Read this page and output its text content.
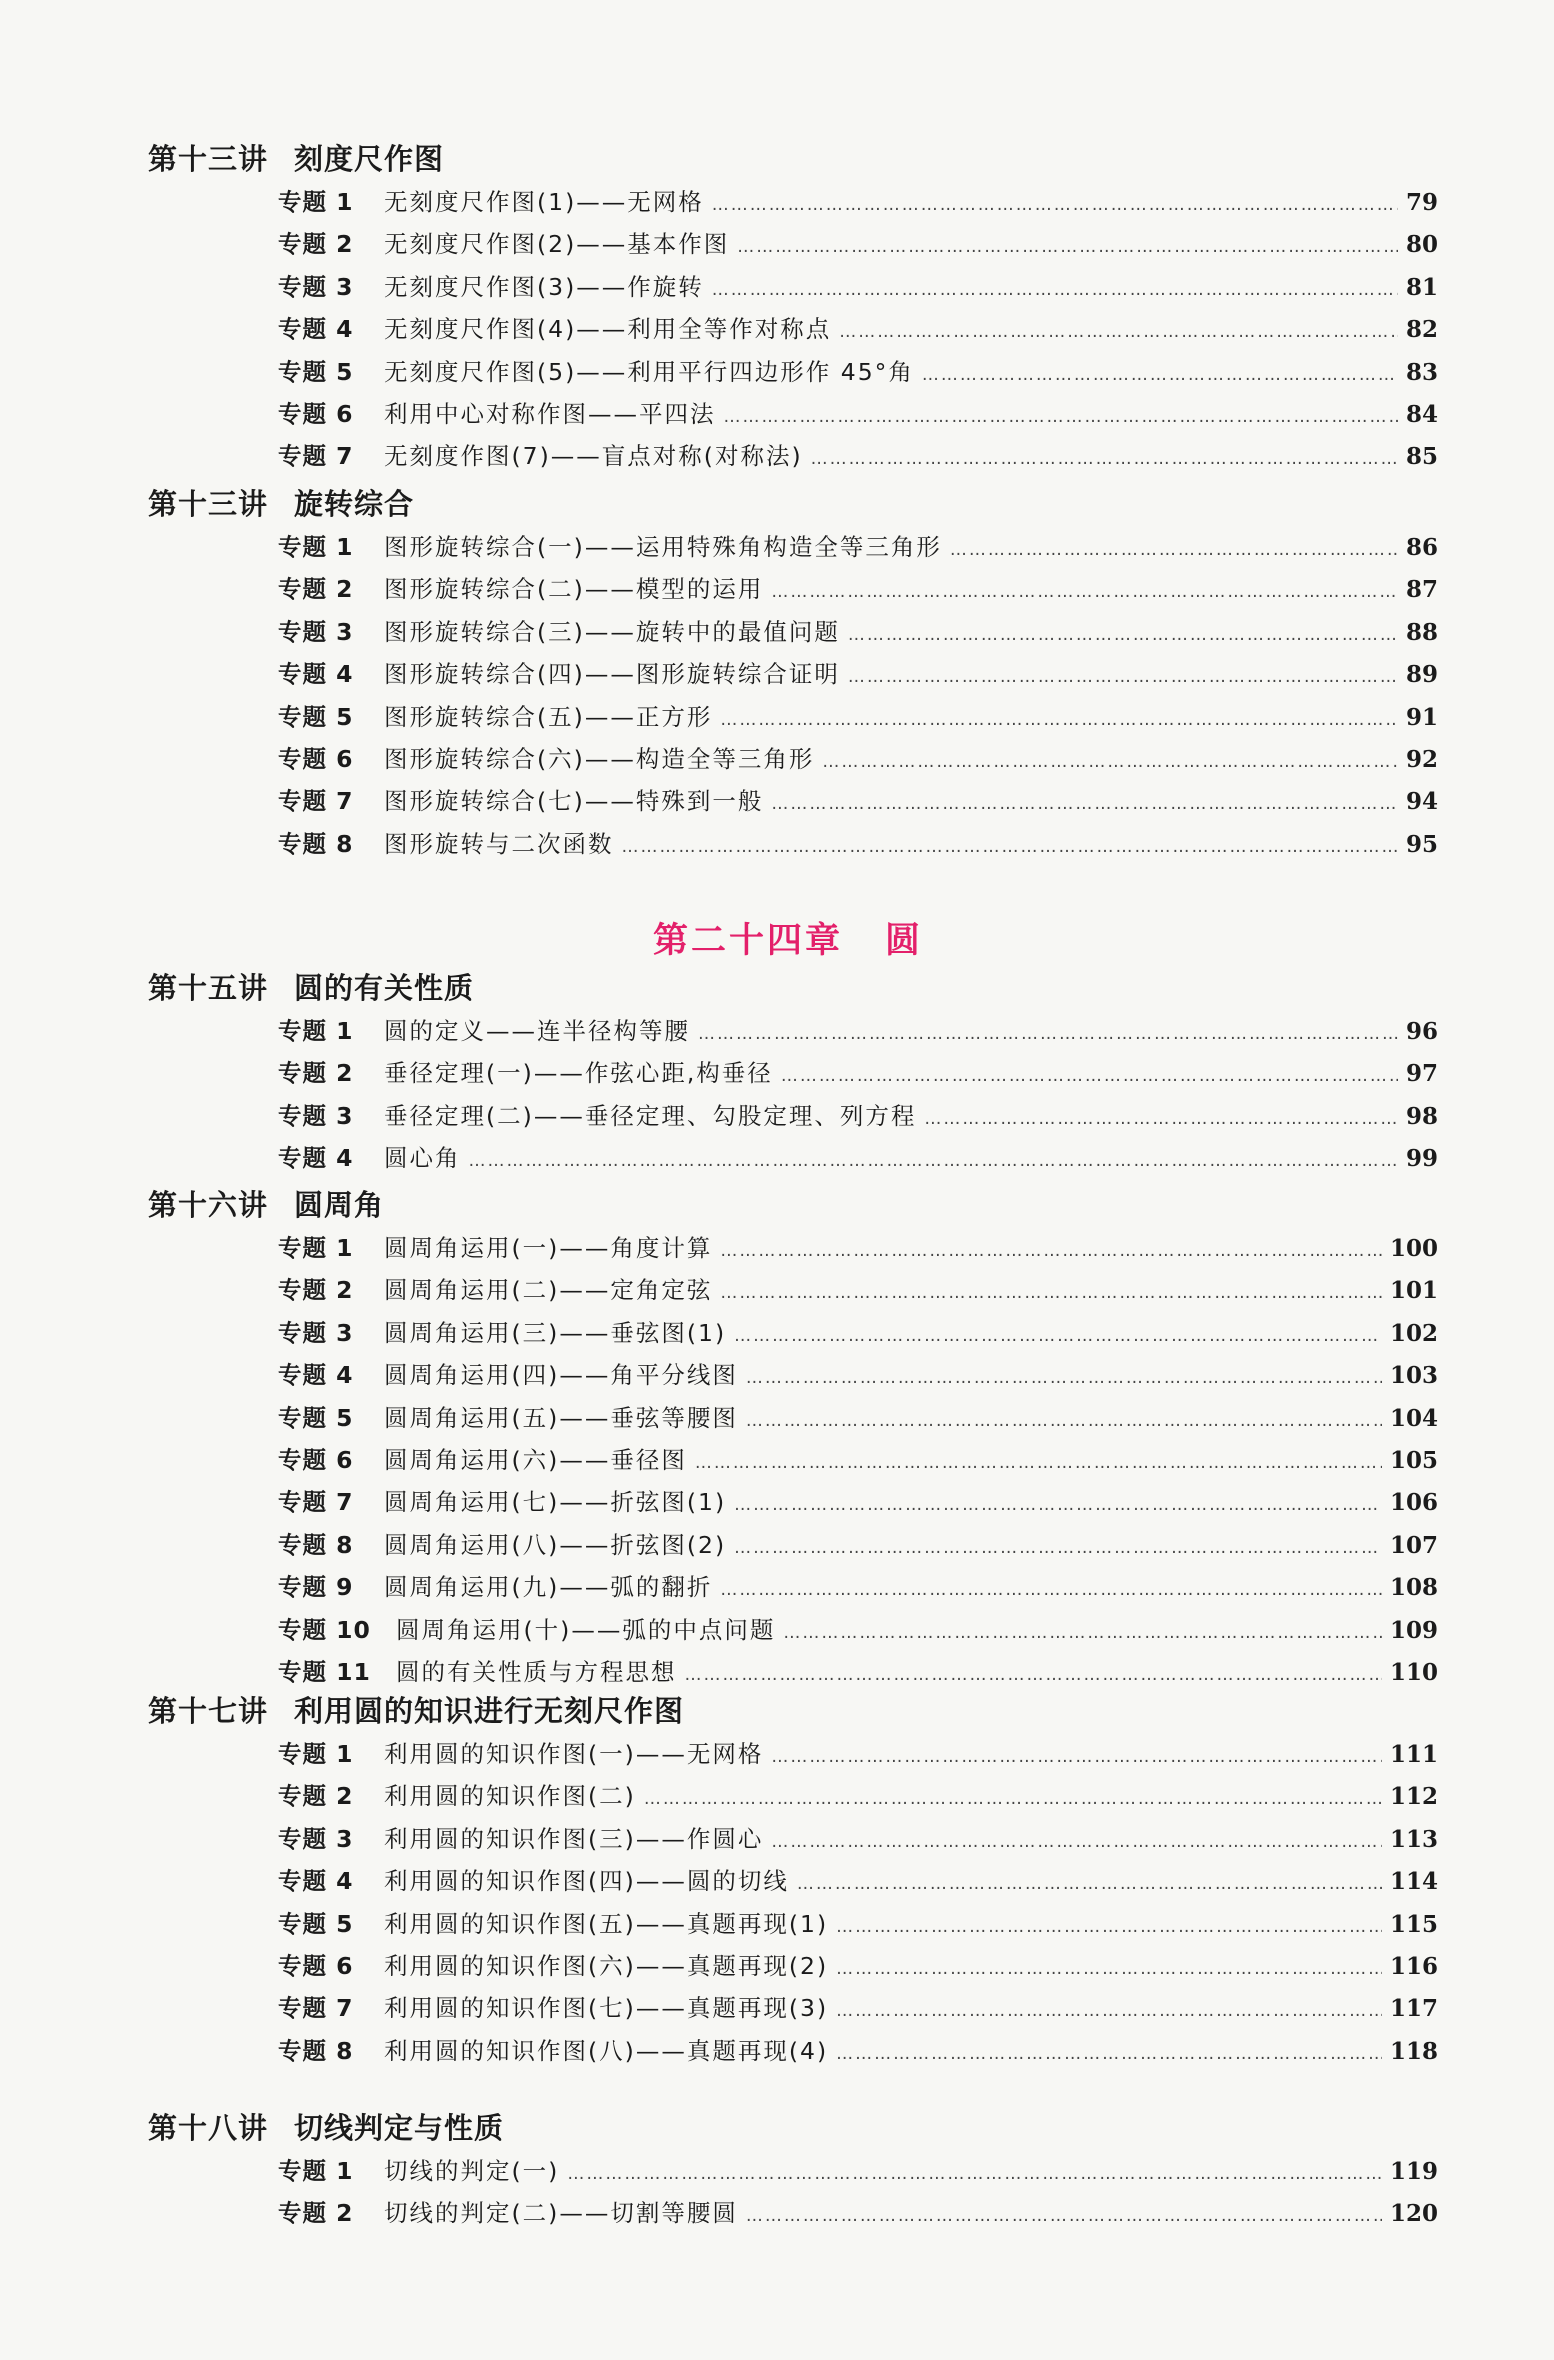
第十三讲 刻度尺作图
专题 1	无刻度尺作图(1)——无网格 ……………………………………………………………………………………………………………………………………………………………………………………………………………………	79
专题 2	无刻度尺作图(2)——基本作图 ……………………………………………………………………………………………………………………………………………………………………………………………………………………	80
专题 3	无刻度尺作图(3)——作旋转 ……………………………………………………………………………………………………………………………………………………………………………………………………………………	81
专题 4	无刻度尺作图(4)——利用全等作对称点 ……………………………………………………………………………………………………………………………………………………………………………………………………………………	82
专题 5	无刻度尺作图(5)——利用平行四边形作 45°角 ……………………………………………………………………………………………………………………………………………………………………………………………………………………	83
专题 6	利用中心对称作图——平四法 ……………………………………………………………………………………………………………………………………………………………………………………………………………………	84
专题 7	无刻度作图(7)——盲点对称(对称法) ……………………………………………………………………………………………………………………………………………………………………………………………………………………	85
第十三讲 旋转综合
专题 1	图形旋转综合(一)——运用特殊角构造全等三角形 ……………………………………………………………………………………………………………………………………………………………………………………………………………………	86
专题 2	图形旋转综合(二)——模型的运用 ……………………………………………………………………………………………………………………………………………………………………………………………………………………	87
专题 3	图形旋转综合(三)——旋转中的最值问题 ……………………………………………………………………………………………………………………………………………………………………………………………………………………	88
专题 4	图形旋转综合(四)——图形旋转综合证明 ……………………………………………………………………………………………………………………………………………………………………………………………………………………	89
专题 5	图形旋转综合(五)——正方形 ……………………………………………………………………………………………………………………………………………………………………………………………………………………	91
专题 6	图形旋转综合(六)——构造全等三角形 ……………………………………………………………………………………………………………………………………………………………………………………………………………………	92
专题 7	图形旋转综合(七)——特殊到一般 ……………………………………………………………………………………………………………………………………………………………………………………………………………………	94
专题 8	图形旋转与二次函数 ……………………………………………………………………………………………………………………………………………………………………………………………………………………	95
第二十四章 圆
第十五讲 圆的有关性质
专题 1	圆的定义——连半径构等腰 ……………………………………………………………………………………………………………………………………………………………………………………………………………………	96
专题 2	垂径定理(一)——作弦心距,构垂径 ……………………………………………………………………………………………………………………………………………………………………………………………………………………	97
专题 3	垂径定理(二)——垂径定理、勾股定理、列方程 ……………………………………………………………………………………………………………………………………………………………………………………………………………………	98
专题 4	圆心角 ……………………………………………………………………………………………………………………………………………………………………………………………………………………	99
第十六讲 圆周角
专题 1	圆周角运用(一)——角度计算 ……………………………………………………………………………………………………………………………………………………………………………………………………………………	100
专题 2	圆周角运用(二)——定角定弦 ……………………………………………………………………………………………………………………………………………………………………………………………………………………	101
专题 3	圆周角运用(三)——垂弦图(1) ……………………………………………………………………………………………………………………………………………………………………………………………………………………	102
专题 4	圆周角运用(四)——角平分线图 ……………………………………………………………………………………………………………………………………………………………………………………………………………………	103
专题 5	圆周角运用(五)——垂弦等腰图 ……………………………………………………………………………………………………………………………………………………………………………………………………………………	104
专题 6	圆周角运用(六)——垂径图 ……………………………………………………………………………………………………………………………………………………………………………………………………………………	105
专题 7	圆周角运用(七)——折弦图(1) ……………………………………………………………………………………………………………………………………………………………………………………………………………………	106
专题 8	圆周角运用(八)——折弦图(2) ……………………………………………………………………………………………………………………………………………………………………………………………………………………	107
专题 9	圆周角运用(九)——弧的翻折 ……………………………………………………………………………………………………………………………………………………………………………………………………………………	108
专题 10	圆周角运用(十)——弧的中点问题 ……………………………………………………………………………………………………………………………………………………………………………………………………………………	109
专题 11	圆的有关性质与方程思想 ……………………………………………………………………………………………………………………………………………………………………………………………………………………	110
第十七讲 利用圆的知识进行无刻尺作图
专题 1	利用圆的知识作图(一)——无网格 ……………………………………………………………………………………………………………………………………………………………………………………………………………………	111
专题 2	利用圆的知识作图(二) ……………………………………………………………………………………………………………………………………………………………………………………………………………………	112
专题 3	利用圆的知识作图(三)——作圆心 ……………………………………………………………………………………………………………………………………………………………………………………………………………………	113
专题 4	利用圆的知识作图(四)——圆的切线 ……………………………………………………………………………………………………………………………………………………………………………………………………………………	114
专题 5	利用圆的知识作图(五)——真题再现(1) ……………………………………………………………………………………………………………………………………………………………………………………………………………………	115
专题 6	利用圆的知识作图(六)——真题再现(2) ……………………………………………………………………………………………………………………………………………………………………………………………………………………	116
专题 7	利用圆的知识作图(七)——真题再现(3) ……………………………………………………………………………………………………………………………………………………………………………………………………………………	117
专题 8	利用圆的知识作图(八)——真题再现(4) ……………………………………………………………………………………………………………………………………………………………………………………………………………………	118
第十八讲 切线判定与性质
专题 1	切线的判定(一) ……………………………………………………………………………………………………………………………………………………………………………………………………………………	119
专题 2	切线的判定(二)——切割等腰圆 ……………………………………………………………………………………………………………………………………………………………………………………………………………………	120
